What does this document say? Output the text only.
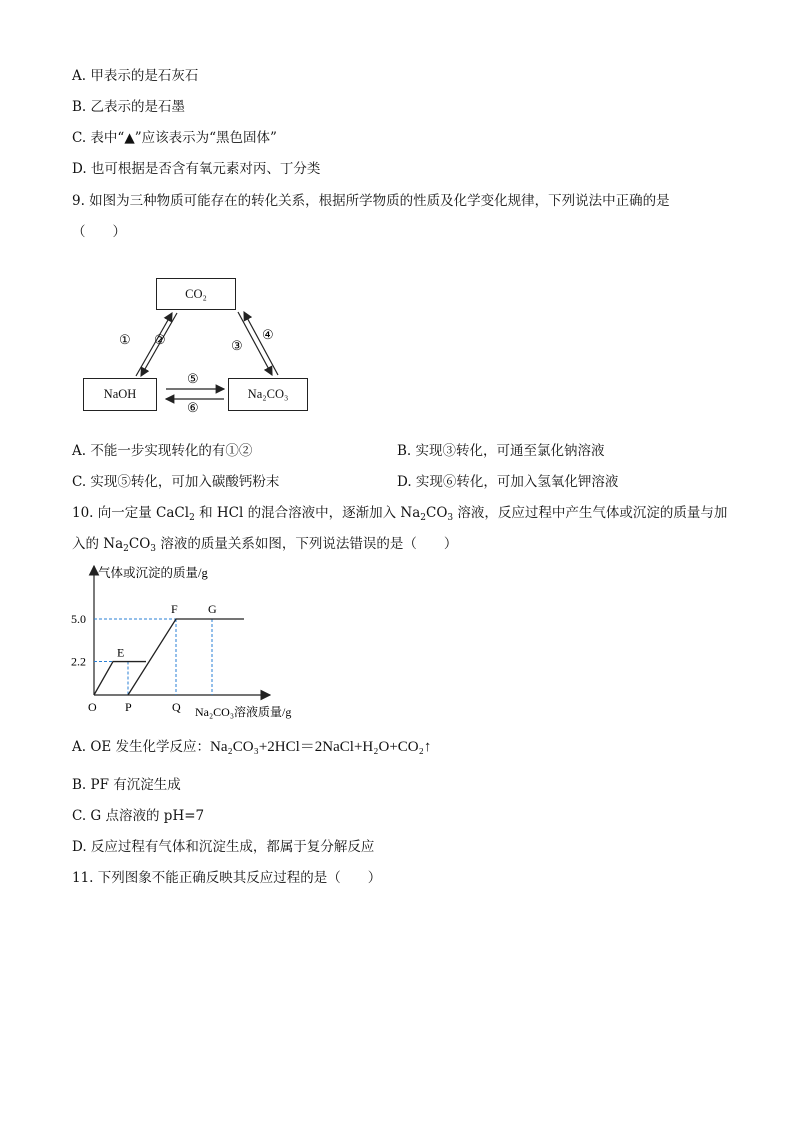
A. 甲表示的是石灰石
B. 乙表示的是石墨
C. 表中“▲”应该表示为“黑色固体”
D. 也可根据是否含有氧元素对丙、丁分类
9. 如图为三种物质可能存在的转化关系，根据所学物质的性质及化学变化规律，下列说法中正确的是
（　　）
CO₂
NaOH	Na₂CO₃
① ②	③
④
⑤
⑥
A. 不能一步实现转化的有①②	B. 实现③转化，可通至氯化钠溶液
C. 实现⑤转化，可加入碳酸钙粉末	D. 实现⑥转化，可加入氢氧化钾溶液
10. 向一定量 CaCl$_2$ 和 HCl 的混合溶液中，逐渐加入 $Na_2CO_3$ 溶液，反应过程中产生气体或沉淀的质量与加
入的 $Na_2CO_3$ 溶液的质量关系如图，下列说法错误的是（　　）
气体或沉淀的质量/g
Na₂CO₃溶液质量/g
5.0
2.2
O P	Q
E
F	G
A. OE 发生化学反应：Na₂CO₃+2HCl＝2NaCl+H₂O+CO₂↑
B. PF 有沉淀生成
C. G 点溶液的 pH=7
D. 反应过程有气体和沉淀生成，都属于复分解反应
11. 下列图象不能正确反映其反应过程的是（　　）
